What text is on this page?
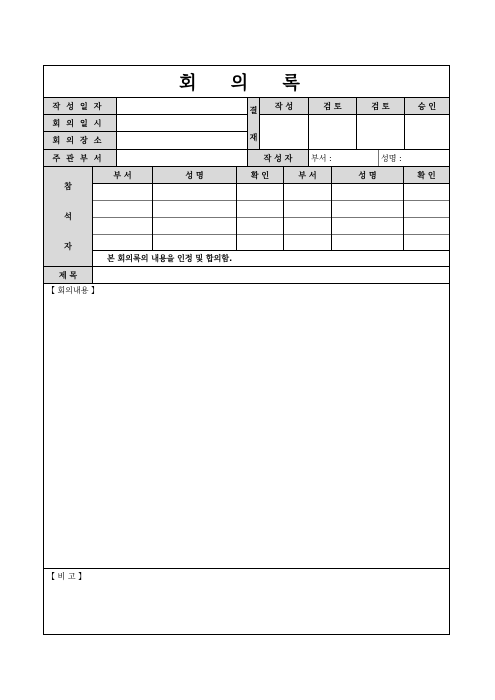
회 의 록
작성일자
회의일시
회의장소
주관부서
결
재
작 성	검 토	검 토	승 인
작 성 자	부서 :	성명 :
참
석
자
부 서	성 명	확 인	부 서	성 명	확 인
본 회의록의 내용을 인정 및 합의함.
제 목
【 회의내용 】
【 비 고 】
